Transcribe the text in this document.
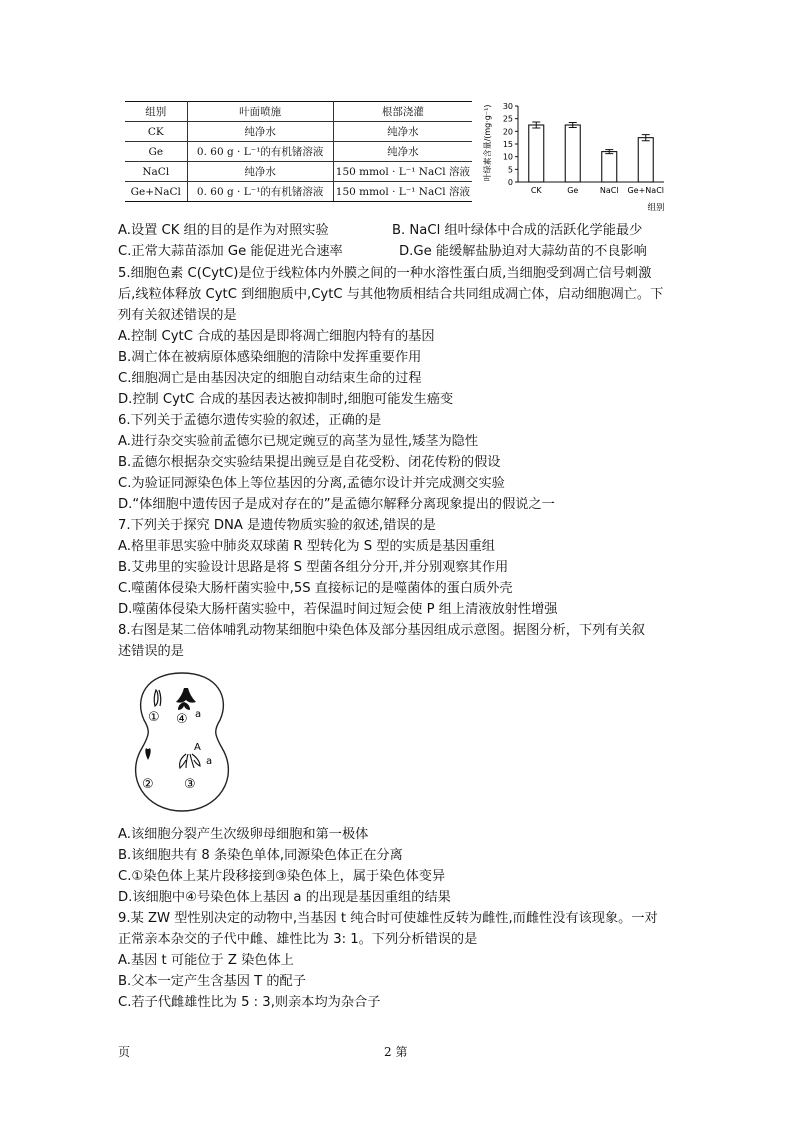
组别	叶面喷施	根部浇灌
CK	纯净水	纯净水
Ge	0. 60 g · L⁻¹的有机锗溶液	纯净水
NaCl	纯净水	150 mmol · L⁻¹ NaCl 溶液
Ge+NaCl	0. 60 g · L⁻¹的有机锗溶液	150 mmol · L⁻¹ NaCl 溶液
叶绿素含量/(mg·g⁻¹)
0
5
10
15
20
25
30
CK	Ge	NaCl Ge+NaCl
组别
A.设置 CK 组的目的是作为对照实验	B. NaCl 组叶绿体中合成的活跃化学能最少
C.正常大蒜苗添加 Ge 能促进光合速率	D.Ge 能缓解盐胁迫对大蒜幼苗的不良影响
5.细胞色素 C(CytC)是位于线粒体内外膜之间的一种水溶性蛋白质,当细胞受到凋亡信号刺激
后,线粒体释放 CytC 到细胞质中,CytC 与其他物质相结合共同组成凋亡体，启动细胞凋亡。下
列有关叙述错误的是
A.控制 CytC 合成的基因是即将凋亡细胞内特有的基因
B.凋亡体在被病原体感染细胞的清除中发挥重要作用
C.细胞凋亡是由基因决定的细胞自动结束生命的过程
D.控制 CytC 合成的基因表达被抑制时,细胞可能发生癌变
6.下列关于孟德尔遗传实验的叙述，正确的是
A.进行杂交实验前孟德尔已规定豌豆的高茎为显性,矮茎为隐性
B.孟德尔根据杂交实验结果提出豌豆是自花受粉、闭花传粉的假设
C.为验证同源染色体上等位基因的分离,孟德尔设计并完成测交实验
D.“体细胞中遗传因子是成对存在的”是孟德尔解释分离现象提出的假说之一
7.下列关于探究 DNA 是遗传物质实验的叙述,错误的是
A.格里菲思实验中肺炎双球菌 R 型转化为 S 型的实质是基因重组
B.艾弗里的实验设计思路是将 S 型菌各组分分开,并分别观察其作用
C.噬菌体侵染大肠杆菌实验中,5S 直接标记的是噬菌体的蛋白质外壳
D.噬菌体侵染大肠杆菌实验中，若保温时间过短会使 P 组上清液放射性增强
8.右图是某二倍体哺乳动物某细胞中染色体及部分基因组成示意图。据图分析，下列有关叙
述错误的是
① ④ a
②
A
a
③
A.该细胞分裂产生次级卵母细胞和第一极体
B.该细胞共有 8 条染色单体,同源染色体正在分离
C.①染色体上某片段移接到③染色体上，属于染色体变异
D.该细胞中④号染色体上基因 a 的出现是基因重组的结果
9.某 ZW 型性别决定的动物中,当基因 t 纯合时可使雄性反转为雌性,而雌性没有该现象。一对
正常亲本杂交的子代中雌、雄性比为 3: 1。下列分析错误的是
A.基因 t 可能位于 Z 染色体上
B.父本一定产生含基因 T 的配子
C.若子代雌雄性比为 5 : 3,则亲本均为杂合子
页	2 第
